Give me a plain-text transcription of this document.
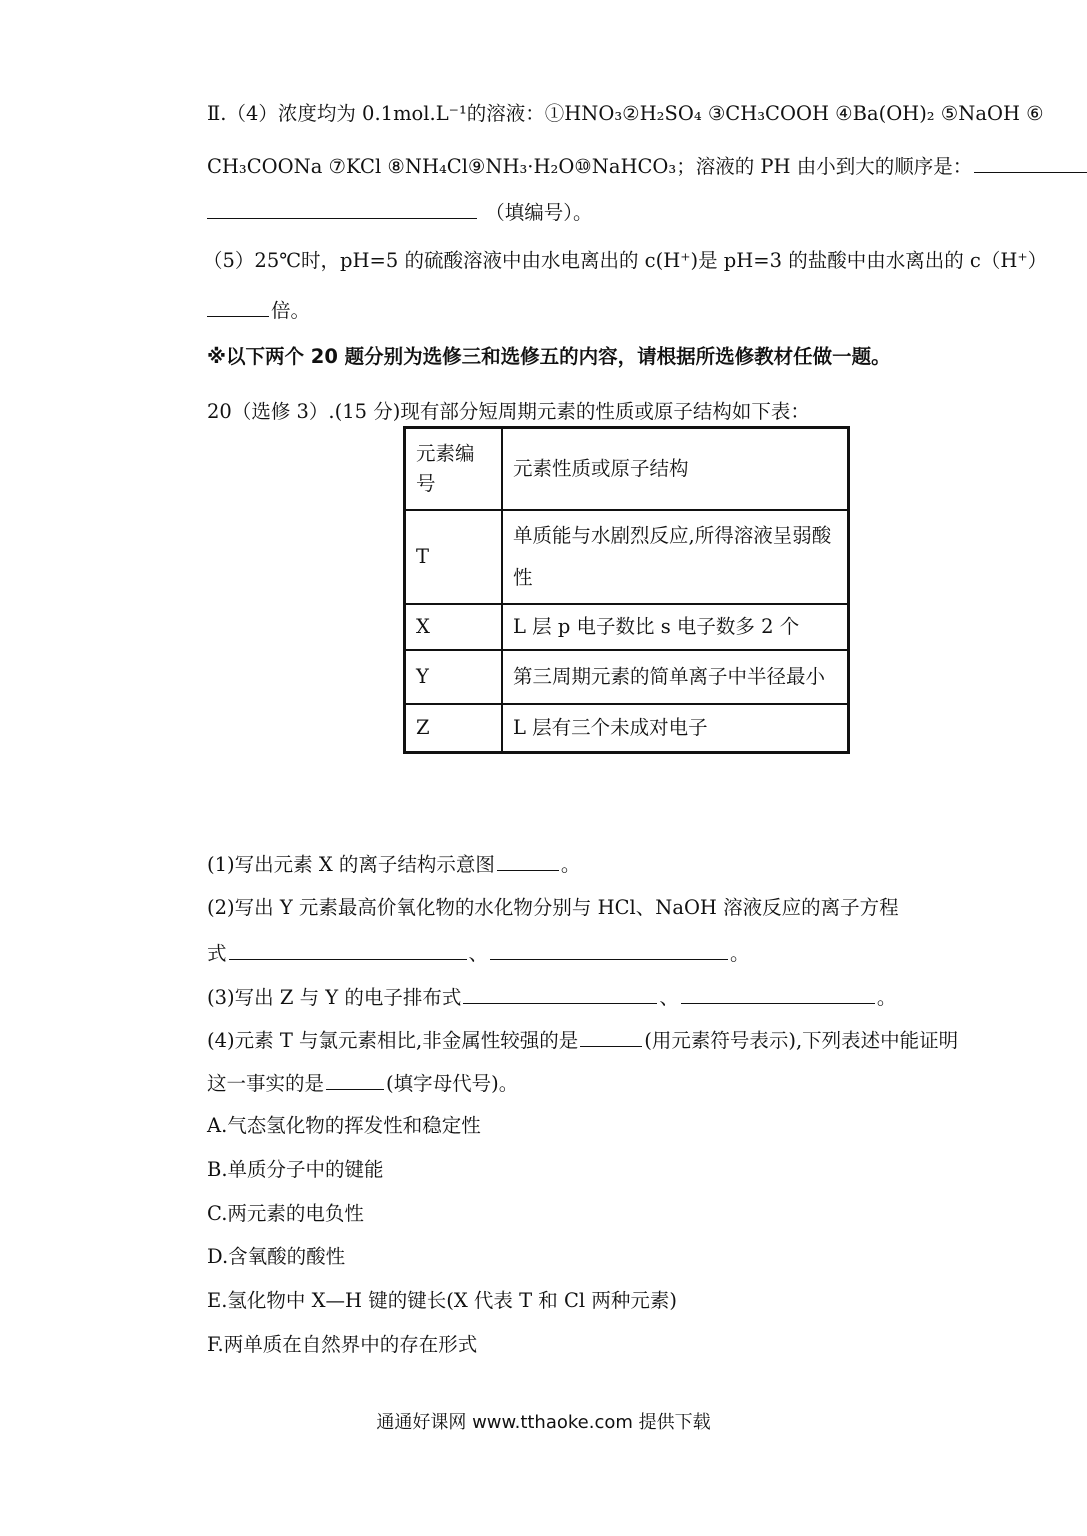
Ⅱ.（4）浓度均为 0.1mol.L⁻¹的溶液：①HNO₃②H₂SO₄ ③CH₃COOH ④Ba(OH)₂ ⑤NaOH ⑥
CH₃COONa ⑦KCl ⑧NH₄Cl⑨NH₃·H₂O⑩NaHCO₃；溶液的 PH 由小到大的顺序是：
（填编号）。
（5）25℃时，pH=5 的硫酸溶液中由水电离出的 c(H⁺)是 pH=3 的盐酸中由水离出的 c（H⁺）
倍。
※以下两个 20 题分别为选修三和选修五的内容，请根据所选修教材任做一题。
20（选修 3）.(15 分)现有部分短周期元素的性质或原子结构如下表：
元素编号	元素性质或原子结构
T	单质能与水剧烈反应,所得溶液呈弱酸性
X	L 层 p 电子数比 s 电子数多 2 个
Y	第三周期元素的简单离子中半径最小
Z	L 层有三个未成对电子
(1)写出元素 X 的离子结构示意图	。
(2)写出 Y 元素最高价氧化物的水化物分别与 HCl、NaOH 溶液反应的离子方程
式	、	。
(3)写出 Z 与 Y 的电子排布式	、	。
(4)元素 T 与氯元素相比,非金属性较强的是	(用元素符号表示),下列表述中能证明
这一事实的是	(填字母代号)。
A.气态氢化物的挥发性和稳定性
B.单质分子中的键能
C.两元素的电负性
D.含氧酸的酸性
E.氢化物中 X—H 键的键长(X 代表 T 和 Cl 两种元素)
F.两单质在自然界中的存在形式
通通好课网 www.tthaoke.com 提供下载
